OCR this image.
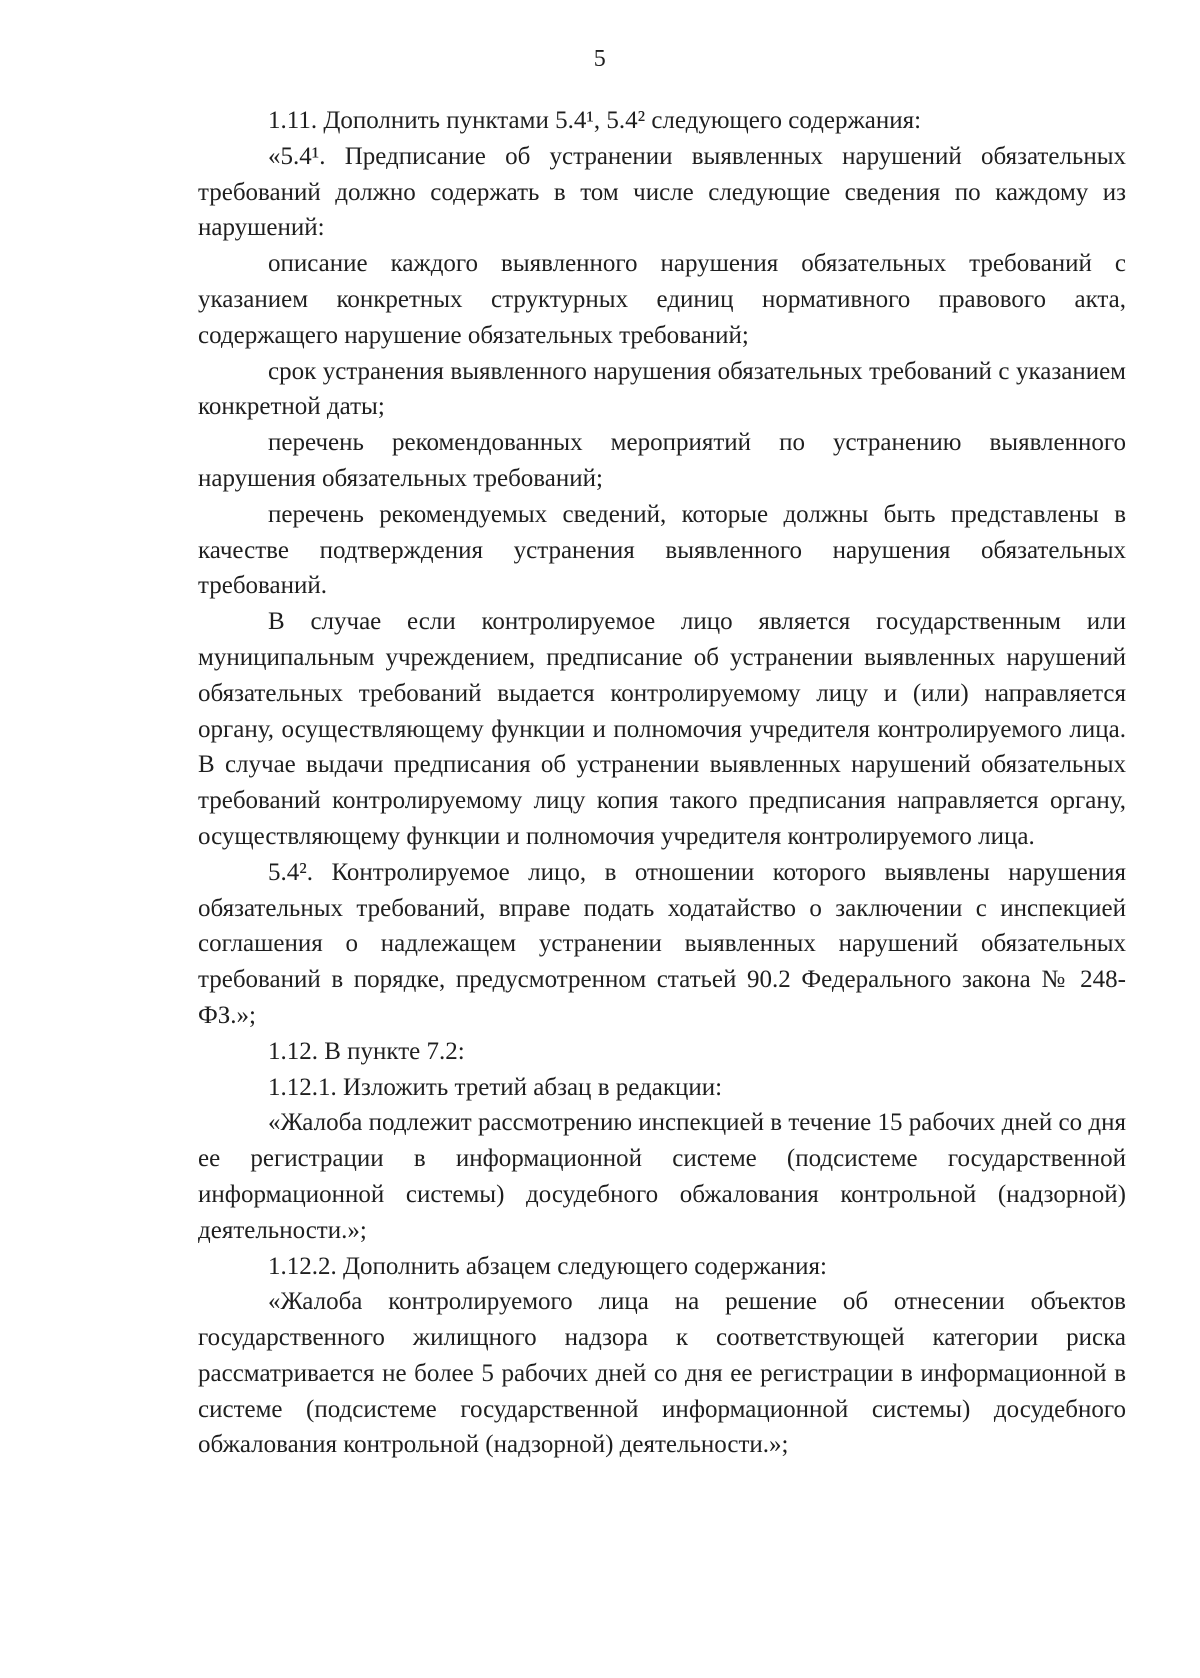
5

1.11. Дополнить пунктами 5.4¹, 5.4² следующего содержания:

«5.4¹. Предписание об устранении выявленных нарушений обязательных требований должно содержать в том числе следующие сведения по каждому из нарушений:

описание каждого выявленного нарушения обязательных требований с указанием конкретных структурных единиц нормативного правового акта, содержащего нарушение обязательных требований;

срок устранения выявленного нарушения обязательных требований с указанием конкретной даты;

перечень рекомендованных мероприятий по устранению выявленного нарушения обязательных требований;

перечень рекомендуемых сведений, которые должны быть представлены в качестве подтверждения устранения выявленного нарушения обязательных требований.

В случае если контролируемое лицо является государственным или муниципальным учреждением, предписание об устранении выявленных нарушений обязательных требований выдается контролируемому лицу и (или) направляется органу, осуществляющему функции и полномочия учредителя контролируемого лица. В случае выдачи предписания об устранении выявленных нарушений обязательных требований контролируемому лицу копия такого предписания направляется органу, осуществляющему функции и полномочия учредителя контролируемого лица.

5.4². Контролируемое лицо, в отношении которого выявлены нарушения обязательных требований, вправе подать ходатайство о заключении с инспекцией соглашения о надлежащем устранении выявленных нарушений обязательных требований в порядке, предусмотренном статьей 90.2 Федерального закона № 248-ФЗ.»;

1.12. В пункте 7.2:

1.12.1. Изложить третий абзац в редакции:

«Жалоба подлежит рассмотрению инспекцией в течение 15 рабочих дней со дня ее регистрации в информационной системе (подсистеме государственной информационной системы) досудебного обжалования контрольной (надзорной) деятельности.»;

1.12.2. Дополнить абзацем следующего содержания:

«Жалоба контролируемого лица на решение об отнесении объектов государственного жилищного надзора к соответствующей категории риска рассматривается не более 5 рабочих дней со дня ее регистрации в информационной в системе (подсистеме государственной информационной системы) досудебного обжалования контрольной (надзорной) деятельности.»;
